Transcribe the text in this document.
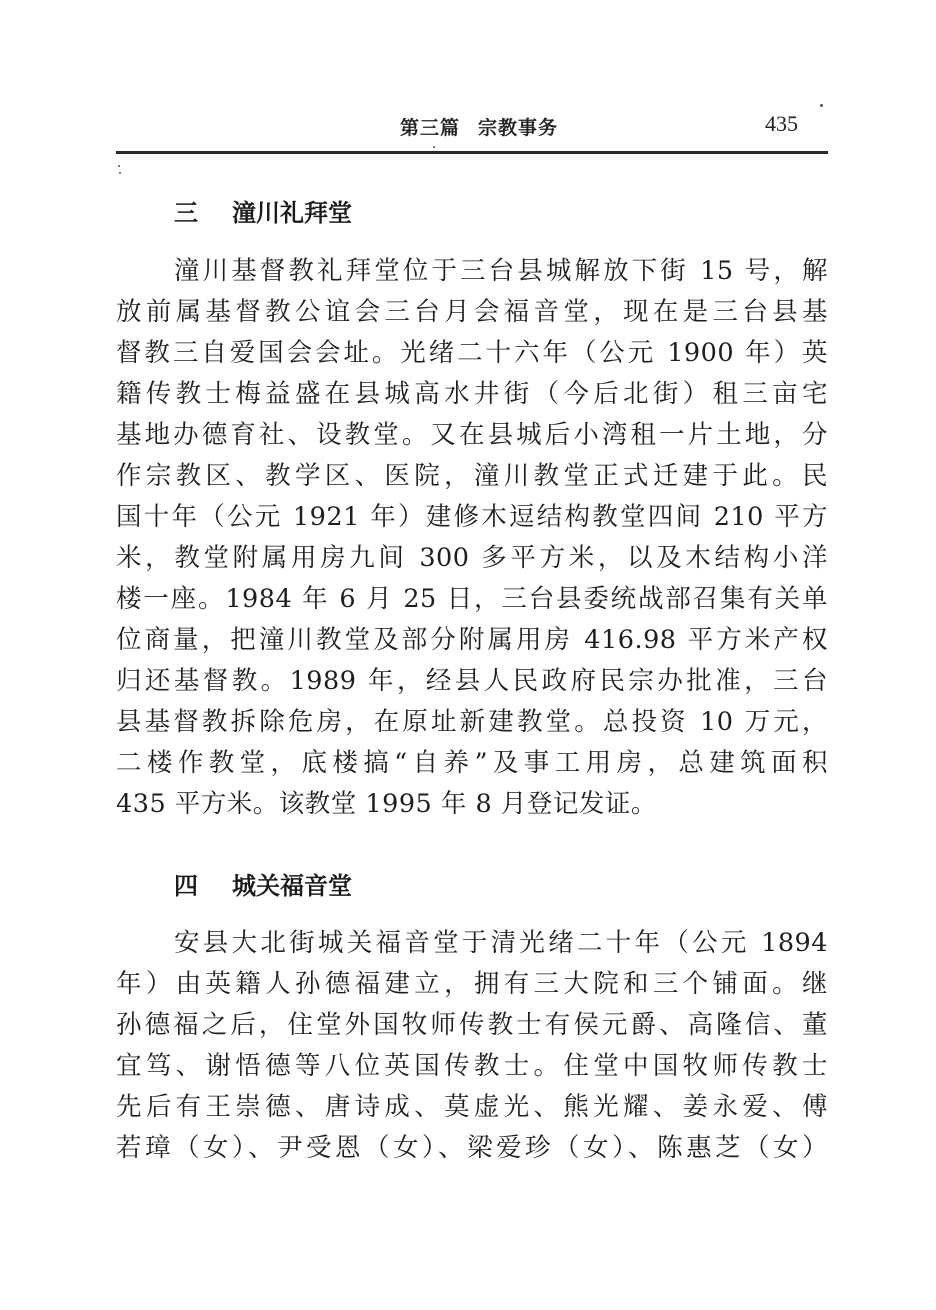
第三篇 宗教事务	435
三 潼川礼拜堂
潼川基督教礼拜堂位于三台县城解放下街 15 号，解
放前属基督教公谊会三台月会福音堂，现在是三台县基
督教三自爱国会会址。光绪二十六年（公元 1900 年）英
籍传教士梅益盛在县城高水井街（今后北街）租三亩宅
基地办德育社、设教堂。又在县城后小湾租一片土地，分
作宗教区、教学区、医院，潼川教堂正式迁建于此。民
国十年（公元 1921 年）建修木逗结构教堂四间 210 平方
米，教堂附属用房九间 300 多平方米，以及木结构小洋
楼一座。1984 年 6 月 25 日，三台县委统战部召集有关单
位商量，把潼川教堂及部分附属用房 416.98 平方米产权
归还基督教。1989 年，经县人民政府民宗办批准，三台
县基督教拆除危房，在原址新建教堂。总投资 10 万元，
二楼作教堂，底楼搞“自养”及事工用房，总建筑面积
435 平方米。该教堂 1995 年 8 月登记发证。
四 城关福音堂
安县大北街城关福音堂于清光绪二十年（公元 1894
年）由英籍人孙德福建立，拥有三大院和三个铺面。继
孙德福之后，住堂外国牧师传教士有侯元爵、高隆信、董
宜笃、谢悟德等八位英国传教士。住堂中国牧师传教士
先后有王崇德、唐诗成、莫虚光、熊光耀、姜永爱、傅
若璋（女）、尹受恩（女）、梁爱珍（女）、陈惠芝（女）
